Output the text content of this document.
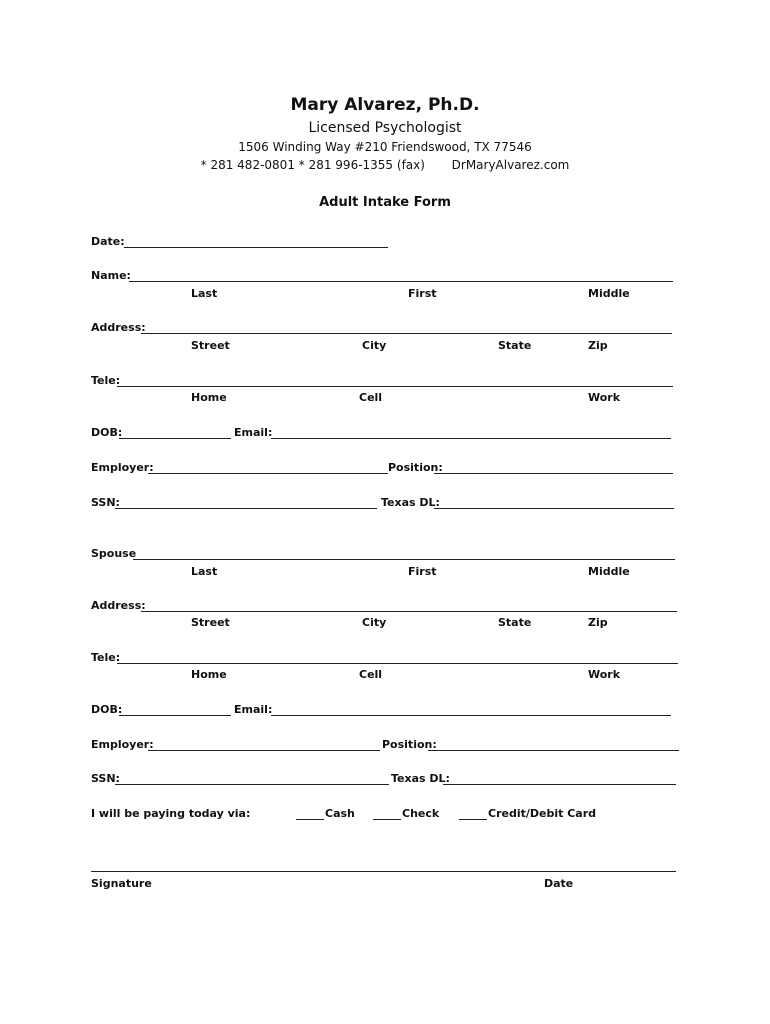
Mary Alvarez, Ph.D.
Licensed Psychologist
1506 Winding Way #210 Friendswood, TX 77546
* 281 482-0801 * 281 996-1355 (fax) DrMaryAlvarez.com
Adult Intake Form
Date:
Name:
Last	First	Middle
Address:
Street	City	State	Zip
Tele:
Home	Cell	Work
DOB:	Email:
Employer:	Position:
SSN:	Texas DL:
Spouse
Last	First	Middle
Address:
Street	City	State	Zip
Tele:
Home	Cell	Work
DOB:	Email:
Employer:	Position:
SSN:	Texas DL:
I will be paying today via:	Cash	Check	Credit/Debit Card
Signature	Date
